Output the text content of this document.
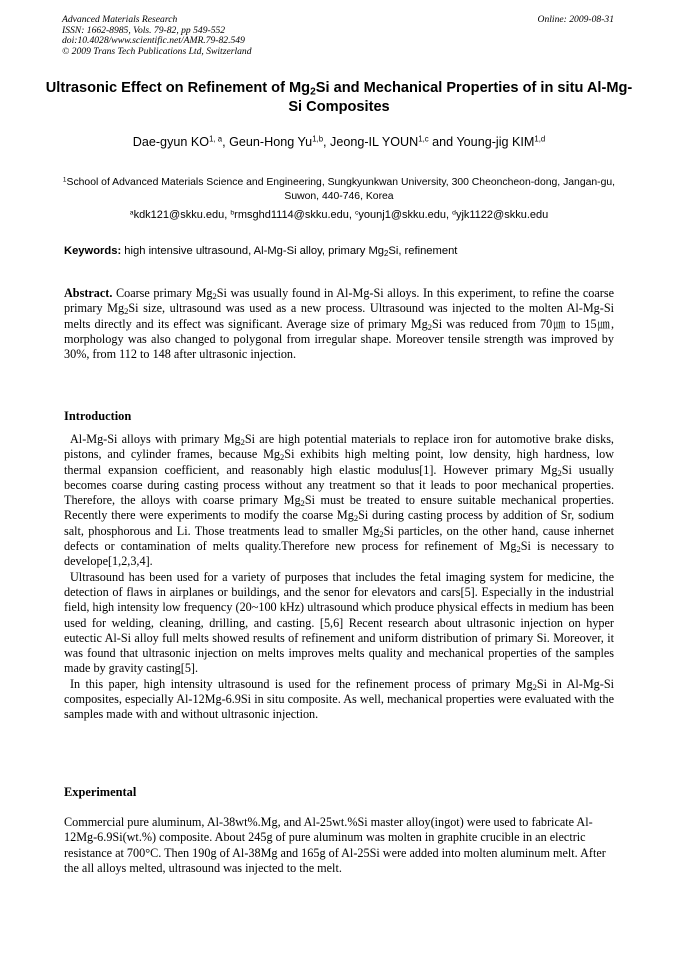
Advanced Materials Research
ISSN: 1662-8985, Vols. 79-82, pp 549-552
doi:10.4028/www.scientific.net/AMR.79-82.549
© 2009 Trans Tech Publications Ltd, Switzerland
Online: 2009-08-31
Ultrasonic Effect on Refinement of $Mg_2Si$ and Mechanical Properties of in situ Al-Mg-Si Composites
Dae-gyun KO$^{1, a}$, Geun-Hong Yu$^{1,b}$, Jeong-IL YOUN$^{1,c}$ and Young-jig KIM$^{1,d}$
$^1$School of Advanced Materials Science and Engineering, Sungkyunkwan University, 300 Cheoncheon-dong, Jangan-gu, Suwon, 440-746, Korea
$^a$kdk121@skku.edu, $^b$rmsghd1114@skku.edu, $^c$younj1@skku.edu, $^d$yjk1122@skku.edu
Keywords: high intensive ultrasound, Al-Mg-Si alloy, primary $Mg_2Si$, refinement

Abstract. Coarse primary $Mg_2Si$ was usually found in Al-Mg-Si alloys. In this experiment, to refine the coarse primary $Mg_2Si$ size, ultrasound was used as a new process. Ultrasound was injected to the molten Al-Mg-Si melts directly and its effect was significant. Average size of primary $Mg_2Si$ was reduced from 70㎛ to 15㎛, morphology was also changed to polygonal from irregular shape. Moreover tensile strength was improved by 30%, from 112 to 148 after ultrasonic injection.

Introduction

Al-Mg-Si alloys with primary $Mg_2Si$ are high potential materials to replace iron for automotive brake disks, pistons, and cylinder frames, because $Mg_2Si$ exhibits high melting point, low density, high hardness, low thermal expansion coefficient, and reasonably high elastic modulus[1]. However primary $Mg_2Si$ usually becomes coarse during casting process without any treatment so that it leads to poor mechanical properties. Therefore, the alloys with coarse primary $Mg_2Si$ must be treated to ensure suitable mechanical properties. Recently there were experiments to modify the coarse $Mg_2Si$ during casting process by addition of Sr, sodium salt, phosphorous and Li. Those treatments lead to smaller $Mg_2Si$ particles, on the other hand, cause inhernet defects or contamination of melts quality.Therefore new process for refinement of $Mg_2Si$ is necessary to develope[1,2,3,4].

Ultrasound has been used for a variety of purposes that includes the fetal imaging system for medicine, the detection of flaws in airplanes or buildings, and the senor for elevators and cars[5]. Especially in the industrial field, high intensity low frequency (20~100 kHz) ultrasound which produce physical effects in medium has been used for welding, cleaning, drilling, and casting. [5,6] Recent research about ultrasonic injection on hyper eutectic Al-Si alloy full melts showed results of refinement and uniform distribution of primary Si. Moreover, it was found that ultrasonic injection on melts improves melts quality and mechanical properties of the samples made by gravity casting[5].

In this paper, high intensity ultrasound is used for the refinement process of primary $Mg_2Si$ in Al-Mg-Si composites, especially Al-12Mg-6.9Si in situ composite. As well, mechanical properties were evaluated with the samples made with and without ultrasonic injection.

Experimental

Commercial pure aluminum, Al-38wt%.Mg, and Al-25wt.%Si master alloy(ingot) were used to fabricate Al-12Mg-6.9Si(wt.%) composite. About 245g of pure aluminum was molten in graphite crucible in an electric resistance at 700°C. Then 190g of Al-38Mg and 165g of Al-25Si were added into molten aluminum melt. After the all alloys melted, ultrasound was injected to the melt.
